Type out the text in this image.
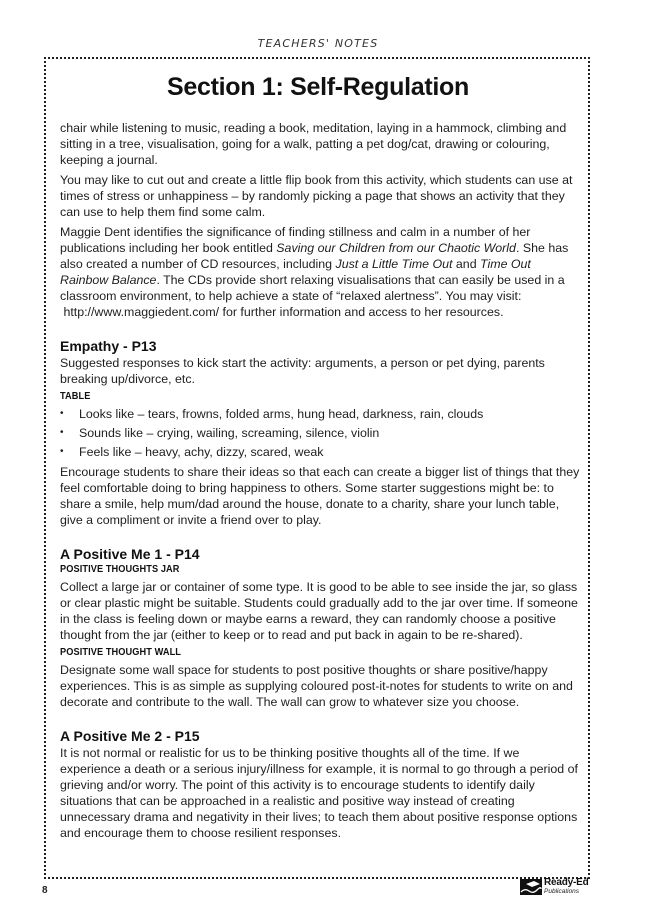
TEACHERS' NOTES
Section 1: Self-Regulation

chair while listening to music, reading a book, meditation, laying in a hammock, climbing and sitting in a tree, visualisation, going for a walk, patting a pet dog/cat, drawing or colouring, keeping a journal.

You may like to cut out and create a little flip book from this activity, which students can use at times of stress or unhappiness – by randomly picking a page that shows an activity that they can use to help them find some calm.

Maggie Dent identifies the significance of finding stillness and calm in a number of her publications including her book entitled Saving our Children from our Chaotic World. She has also created a number of CD resources, including Just a Little Time Out and Time Out Rainbow Balance. The CDs provide short relaxing visualisations that can easily be used in a classroom environment, to help achieve a state of “relaxed alertness”. You may visit:
http://www.maggiedent.com/ for further information and access to her resources.

Empathy - P13

Suggested responses to kick start the activity: arguments, a person or pet dying, parents breaking up/divorce, etc.

TABLE
• Looks like – tears, frowns, folded arms, hung head, darkness, rain, clouds
• Sounds like – crying, wailing, screaming, silence, violin
• Feels like – heavy, achy, dizzy, scared, weak

Encourage students to share their ideas so that each can create a bigger list of things that they feel comfortable doing to bring happiness to others. Some starter suggestions might be: to share a smile, help mum/dad around the house, donate to a charity, share your lunch table, give a compliment or invite a friend over to play.

A Positive Me 1 - P14
POSITIVE THOUGHTS JAR

Collect a large jar or container of some type. It is good to be able to see inside the jar, so glass or clear plastic might be suitable. Students could gradually add to the jar over time. If someone in the class is feeling down or maybe earns a reward, they can randomly choose a positive thought from the jar (either to keep or to read and put back in again to be re-shared).

POSITIVE THOUGHT WALL

Designate some wall space for students to post positive thoughts or share positive/happy experiences. This is as simple as supplying coloured post-it-notes for students to write on and decorate and contribute to the wall. The wall can grow to whatever size you choose.

A Positive Me 2 - P15

It is not normal or realistic for us to be thinking positive thoughts all of the time. If we experience a death or a serious injury/illness for example, it is normal to go through a period of grieving and/or worry. The point of this activity is to encourage students to identify daily situations that can be approached in a realistic and positive way instead of creating unnecessary drama and negativity in their lives; to teach them about positive response options and encourage them to choose resilient responses.

8
Ready-Ed
Publications
